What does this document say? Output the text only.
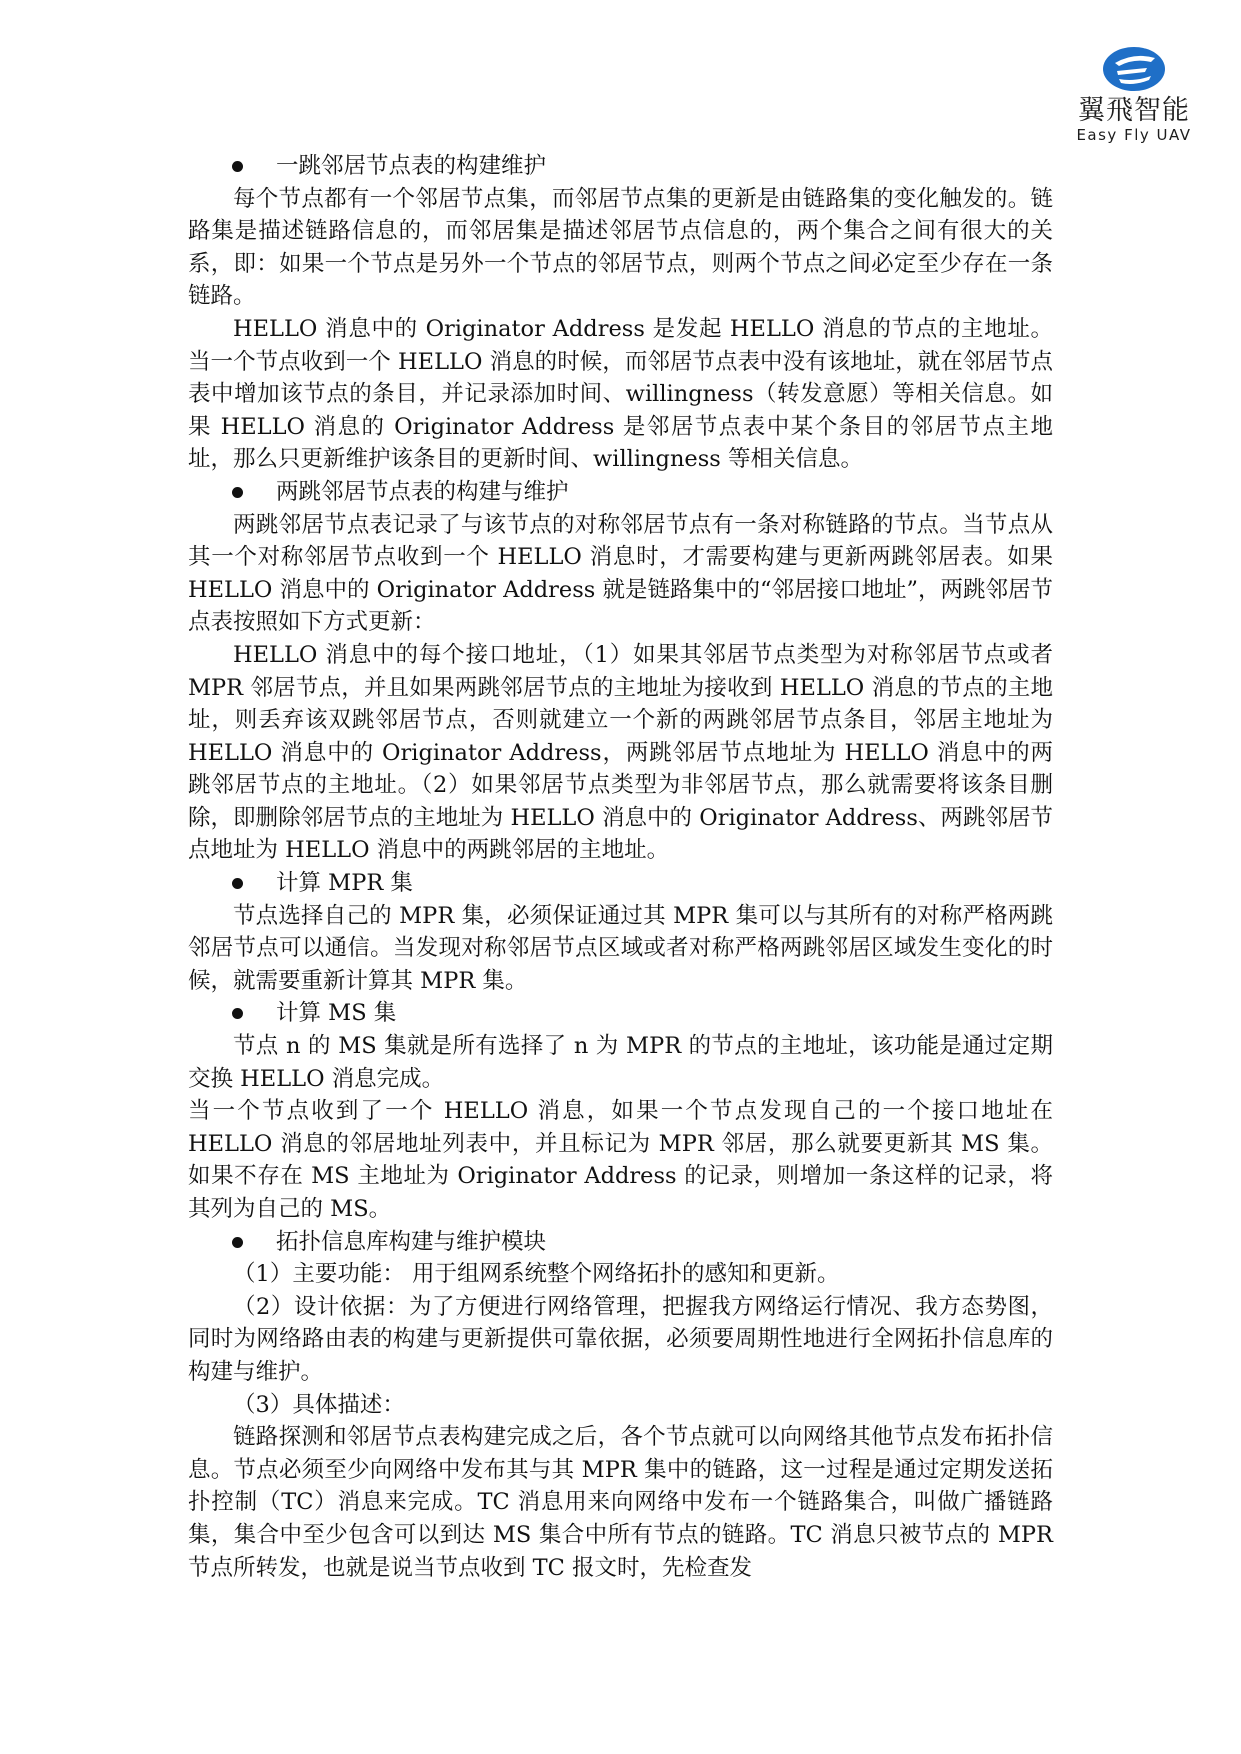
翼飛智能
Easy Fly UAV

一跳邻居节点表的构建维护

每个节点都有一个邻居节点集，而邻居节点集的更新是由链路集的变化触发的。链路集是描述链路信息的，而邻居集是描述邻居节点信息的，两个集合之间有很大的关系，即：如果一个节点是另外一个节点的邻居节点，则两个节点之间必定至少存在一条链路。

HELLO 消息中的 Originator Address 是发起 HELLO 消息的节点的主地址。当一个节点收到一个 HELLO 消息的时候，而邻居节点表中没有该地址，就在邻居节点表中增加该节点的条目，并记录添加时间、willingness（转发意愿）等相关信息。如果 HELLO 消息的 Originator Address 是邻居节点表中某个条目的邻居节点主地址，那么只更新维护该条目的更新时间、willingness 等相关信息。

两跳邻居节点表的构建与维护

两跳邻居节点表记录了与该节点的对称邻居节点有一条对称链路的节点。当节点从其一个对称邻居节点收到一个 HELLO 消息时，才需要构建与更新两跳邻居表。如果 HELLO 消息中的 Originator Address 就是链路集中的“邻居接口地址”，两跳邻居节点表按照如下方式更新：

HELLO 消息中的每个接口地址，（1）如果其邻居节点类型为对称邻居节点或者 MPR 邻居节点，并且如果两跳邻居节点的主地址为接收到 HELLO 消息的节点的主地址，则丢弃该双跳邻居节点，否则就建立一个新的两跳邻居节点条目，邻居主地址为 HELLO 消息中的 Originator Address，两跳邻居节点地址为 HELLO 消息中的两跳邻居节点的主地址。（2）如果邻居节点类型为非邻居节点，那么就需要将该条目删除，即删除邻居节点的主地址为 HELLO 消息中的 Originator Address、两跳邻居节点地址为 HELLO 消息中的两跳邻居的主地址。

计算 MPR 集

节点选择自己的 MPR 集，必须保证通过其 MPR 集可以与其所有的对称严格两跳邻居节点可以通信。当发现对称邻居节点区域或者对称严格两跳邻居区域发生变化的时候，就需要重新计算其 MPR 集。

计算 MS 集

节点 n 的 MS 集就是所有选择了 n 为 MPR 的节点的主地址，该功能是通过定期交换 HELLO 消息完成。

当一个节点收到了一个 HELLO 消息，如果一个节点发现自己的一个接口地址在 HELLO 消息的邻居地址列表中，并且标记为 MPR 邻居，那么就要更新其 MS 集。如果不存在 MS 主地址为 Originator Address 的记录，则增加一条这样的记录，将其列为自己的 MS。

拓扑信息库构建与维护模块

（1）主要功能： 用于组网系统整个网络拓扑的感知和更新。

（2）设计依据：为了方便进行网络管理，把握我方网络运行情况、我方态势图，同时为网络路由表的构建与更新提供可靠依据，必须要周期性地进行全网拓扑信息库的构建与维护。

（3）具体描述：

链路探测和邻居节点表构建完成之后，各个节点就可以向网络其他节点发布拓扑信息。节点必须至少向网络中发布其与其 MPR 集中的链路，这一过程是通过定期发送拓扑控制（TC）消息来完成。TC 消息用来向网络中发布一个链路集合，叫做广播链路集，集合中至少包含可以到达 MS 集合中所有节点的链路。TC 消息只被节点的 MPR 节点所转发，也就是说当节点收到 TC 报文时，先检查发
